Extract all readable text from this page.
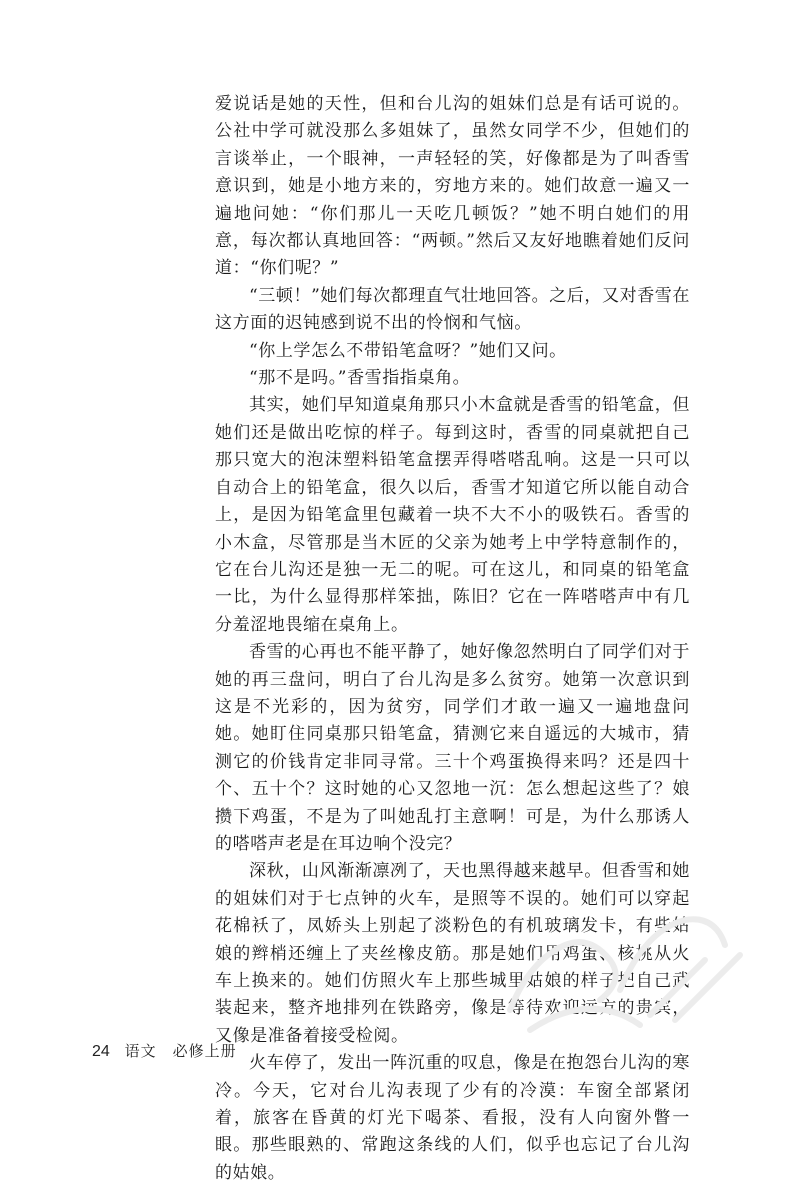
爱说话是她的天性，但和台儿沟的姐妹们总是有话可说的。公社中学可就没那么多姐妹了，虽然女同学不少，但她们的言谈举止，一个眼神，一声轻轻的笑，好像都是为了叫香雪意识到，她是小地方来的，穷地方来的。她们故意一遍又一遍地问她：“你们那儿一天吃几顿饭？”她不明白她们的用意，每次都认真地回答：“两顿。”然后又友好地瞧着她们反问道：“你们呢？”

“三顿！”她们每次都理直气壮地回答。之后，又对香雪在这方面的迟钝感到说不出的怜悯和气恼。

“你上学怎么不带铅笔盒呀？”她们又问。

“那不是吗。”香雪指指桌角。

其实，她们早知道桌角那只小木盒就是香雪的铅笔盒，但她们还是做出吃惊的样子。每到这时，香雪的同桌就把自己那只宽大的泡沫塑料铅笔盒摆弄得嗒嗒乱响。这是一只可以自动合上的铅笔盒，很久以后，香雪才知道它所以能自动合上，是因为铅笔盒里包藏着一块不大不小的吸铁石。香雪的小木盒，尽管那是当木匠的父亲为她考上中学特意制作的，它在台儿沟还是独一无二的呢。可在这儿，和同桌的铅笔盒一比，为什么显得那样笨拙，陈旧？它在一阵嗒嗒声中有几分羞涩地畏缩在桌角上。

香雪的心再也不能平静了，她好像忽然明白了同学们对于她的再三盘问，明白了台儿沟是多么贫穷。她第一次意识到这是不光彩的，因为贫穷，同学们才敢一遍又一遍地盘问她。她盯住同桌那只铅笔盒，猜测它来自遥远的大城市，猜测它的价钱肯定非同寻常。三十个鸡蛋换得来吗？还是四十个、五十个？这时她的心又忽地一沉：怎么想起这些了？娘攒下鸡蛋，不是为了叫她乱打主意啊！可是，为什么那诱人的嗒嗒声老是在耳边响个没完？

深秋，山风渐渐凛冽了，天也黑得越来越早。但香雪和她的姐妹们对于七点钟的火车，是照等不误的。她们可以穿起花棉袄了，凤娇头上别起了淡粉色的有机玻璃发卡，有些姑娘的辫梢还缠上了夹丝橡皮筋。那是她们用鸡蛋、核桃从火车上换来的。她们仿照火车上那些城里姑娘的样子把自己武装起来，整齐地排列在铁路旁，像是等待欢迎远方的贵宾，又像是准备着接受检阅。

火车停了，发出一阵沉重的叹息，像是在抱怨台儿沟的寒冷。今天，它对台儿沟表现了少有的冷漠：车窗全部紧闭着，旅客在昏黄的灯光下喝茶、看报，没有人向窗外瞥一眼。那些眼熟的、常跑这条线的人们，似乎也忘记了台儿沟的姑娘。

24 语文　必修上册
